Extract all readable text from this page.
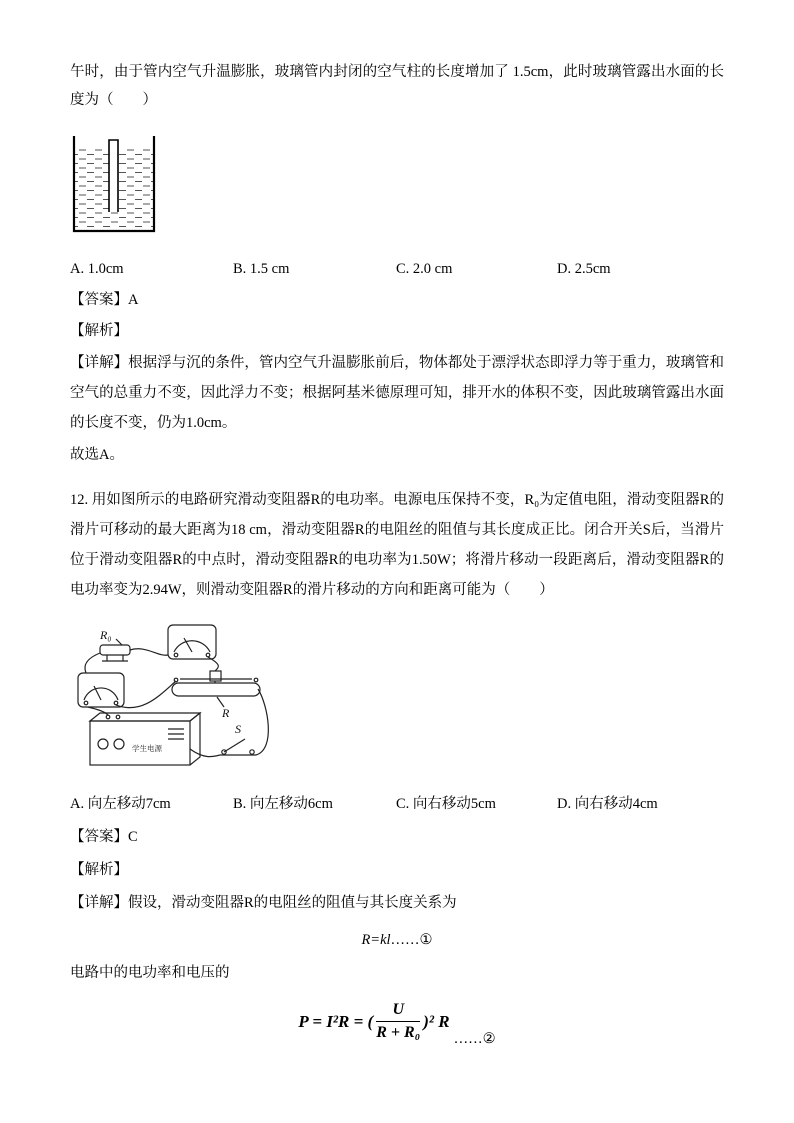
午时，由于管内空气升温膨胀，玻璃管内封闭的空气柱的长度增加了 1.5cm，此时玻璃管露出水面的长度为（　　）

A. 1.0cm	B. 1.5 cm	C. 2.0 cm	D. 2.5cm

【答案】A

【解析】

【详解】根据浮与沉的条件，管内空气升温膨胀前后，物体都处于漂浮状态即浮力等于重力，玻璃管和空气的总重力不变，因此浮力不变；根据阿基米德原理可知，排开水的体积不变，因此玻璃管露出水面的长度不变，仍为1.0cm。

故选A。

12. 用如图所示的电路研究滑动变阻器R的电功率。电源电压保持不变，R₀为定值电阻，滑动变阻器R的滑片可移动的最大距离为18 cm，滑动变阻器R的电阻丝的阻值与其长度成正比。闭合开关S后，当滑片位于滑动变阻器R的中点时，滑动变阻器R的电功率为1.50W；将滑片移动一段距离后，滑动变阻器R的电功率变为2.94W，则滑动变阻器R的滑片移动的方向和距离可能为（　　）

R₀
R
S
学生电源
A. 向左移动7cm	B. 向左移动6cm	C. 向右移动5cm	D. 向右移动4cm

【答案】C

【解析】

【详解】假设，滑动变阻器R的电阻丝的阻值与其长度关系为

R=kl……①

电路中的电功率和电压的

P = I²R = ( $\frac{U}{\text{R + R₀}} )^2$ R
……②
